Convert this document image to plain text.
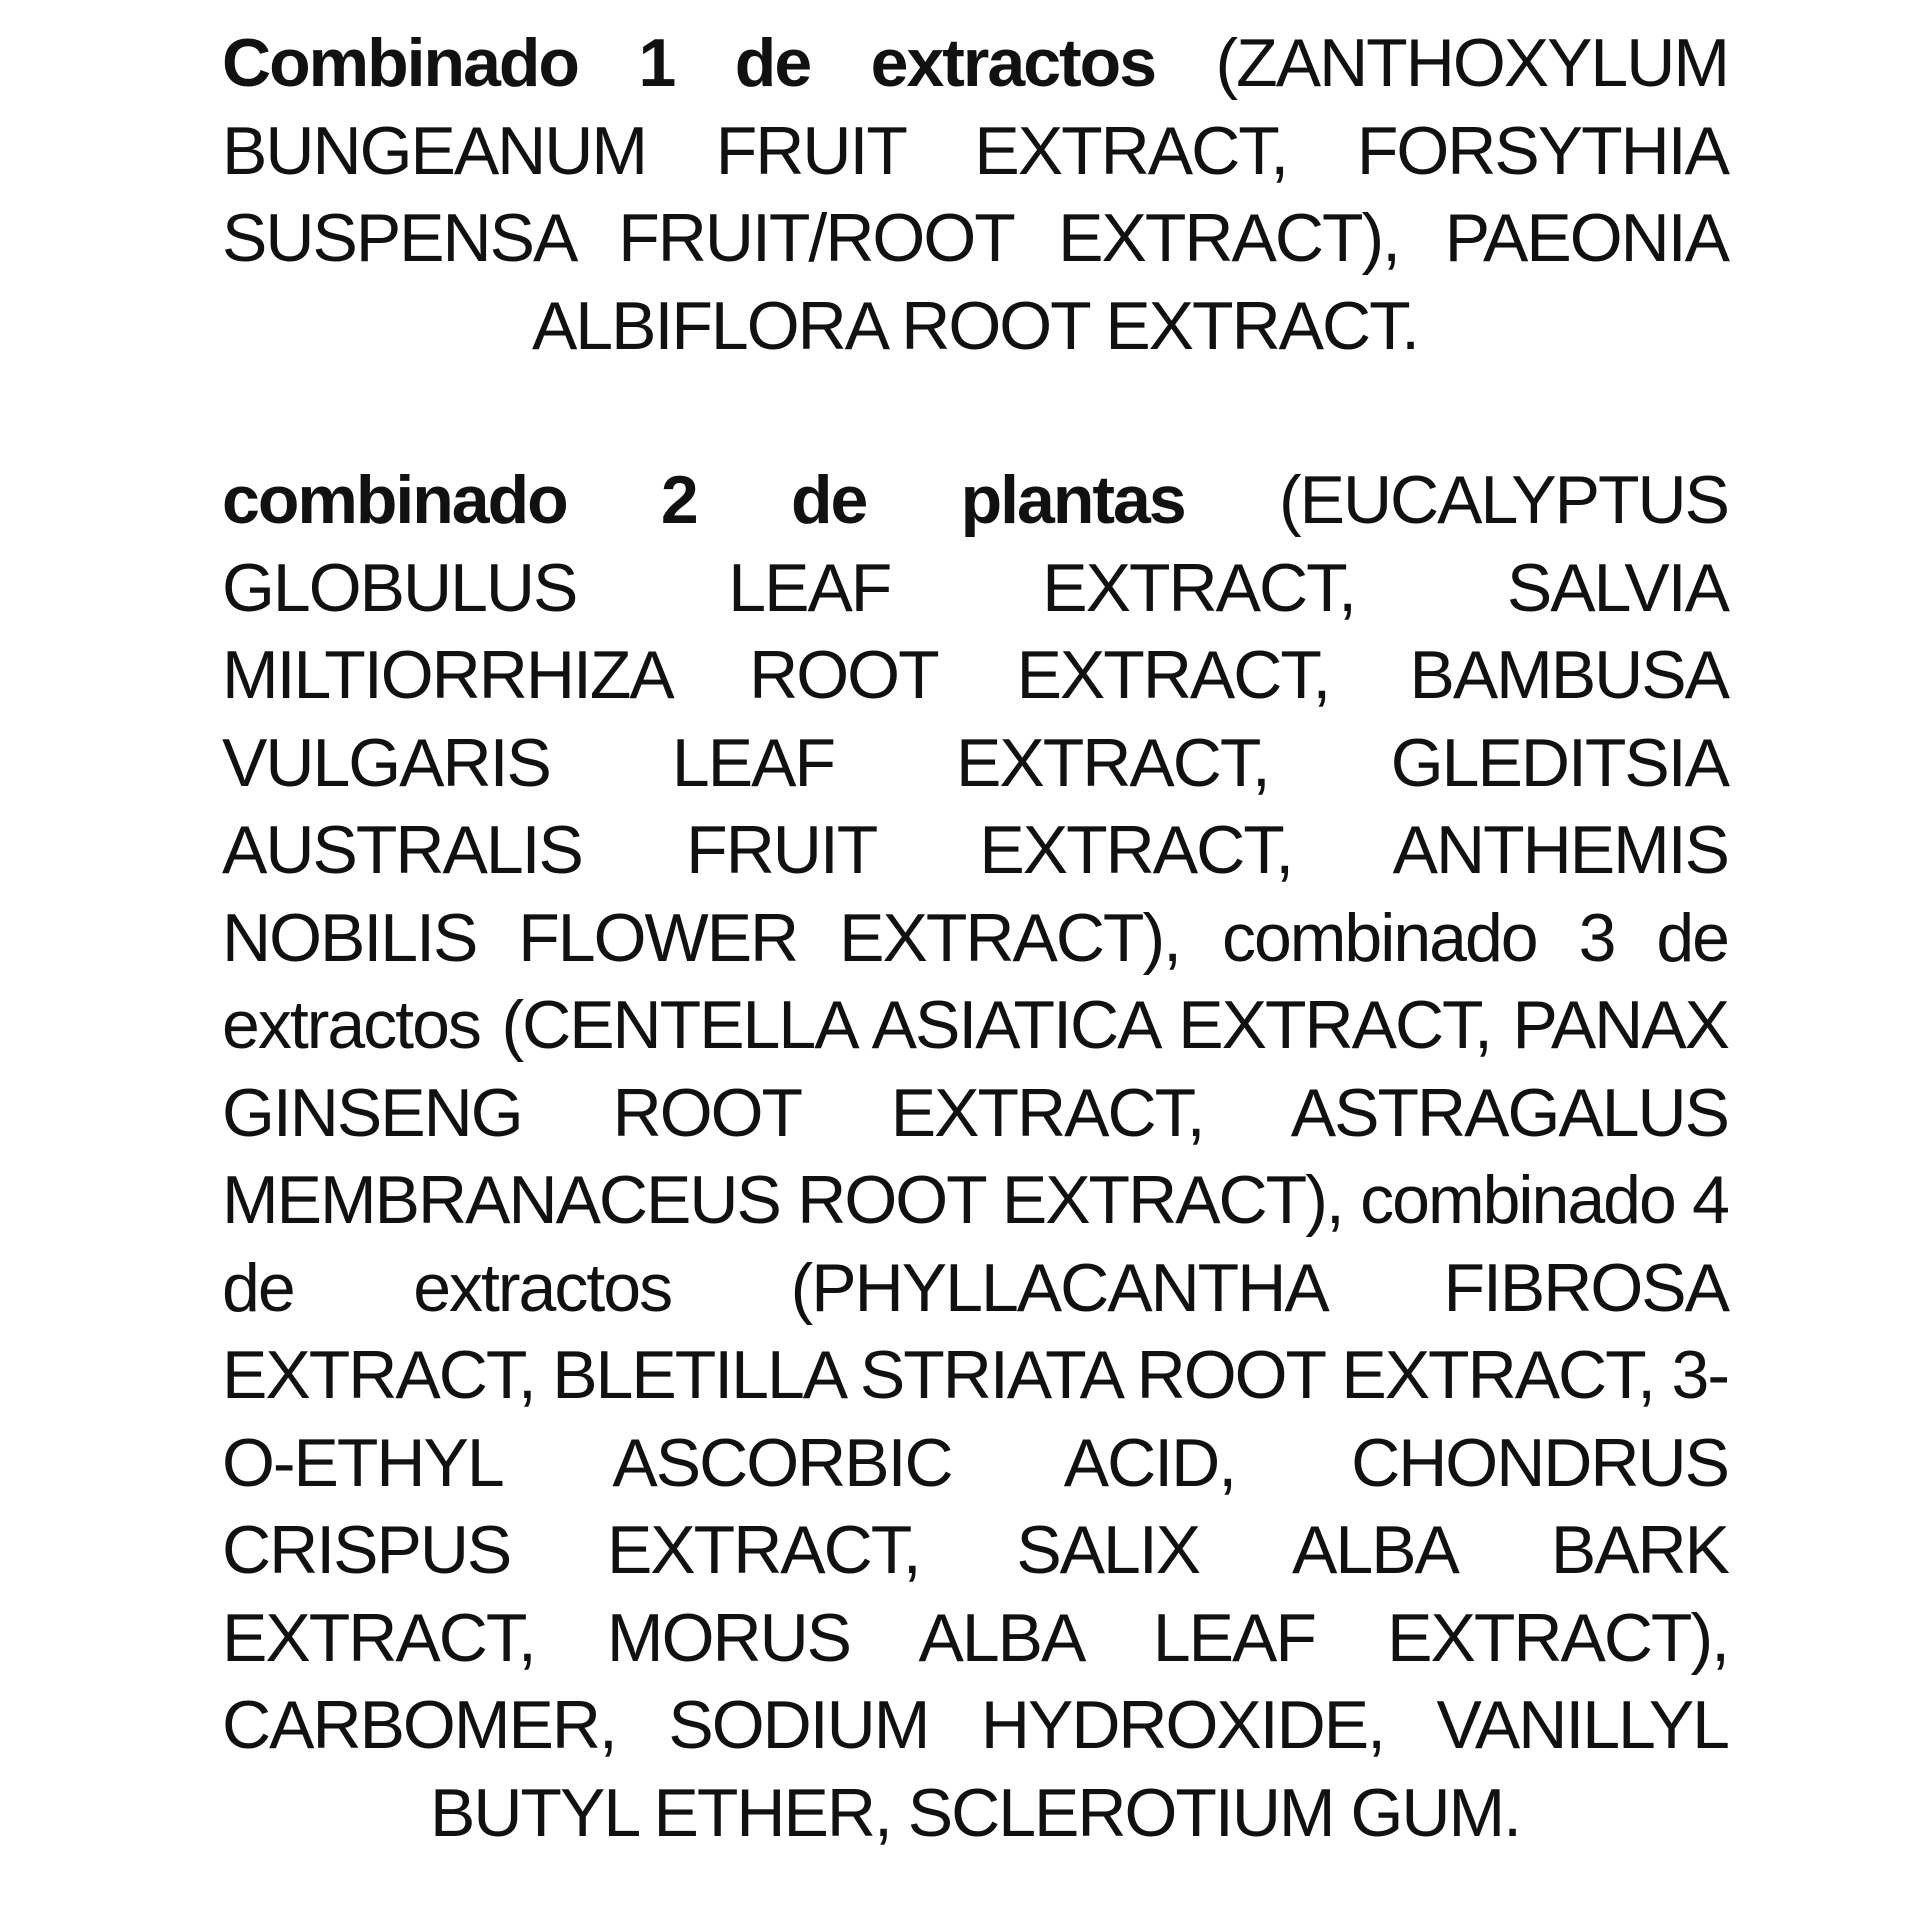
Combinado 1 de extractos (ZANTHOXYLUM BUNGEANUM FRUIT EXTRACT, FORSYTHIA SUSPENSA FRUIT/ROOT EXTRACT), PAEONIA ALBIFLORA ROOT EXTRACT.

combinado 2 de plantas (EUCALYPTUS GLOBULUS LEAF EXTRACT, SALVIA MILTIORRHIZA ROOT EXTRACT, BAMBUSA VULGARIS LEAF EXTRACT, GLEDITSIA AUSTRALIS FRUIT EXTRACT, ANTHEMIS NOBILIS FLOWER EXTRACT), combinado 3 de extractos (CENTELLA ASIATICA EXTRACT, PANAX GINSENG ROOT EXTRACT, ASTRAGALUS MEMBRANACEUS ROOT EXTRACT), combinado 4 de extractos (PHYLLACANTHA FIBROSA EXTRACT, BLETILLA STRIATA ROOT EXTRACT, 3-O-ETHYL ASCORBIC ACID, CHONDRUS CRISPUS EXTRACT, SALIX ALBA BARK EXTRACT, MORUS ALBA LEAF EXTRACT), CARBOMER, SODIUM HYDROXIDE, VANILLYL BUTYL ETHER, SCLEROTIUM GUM.
